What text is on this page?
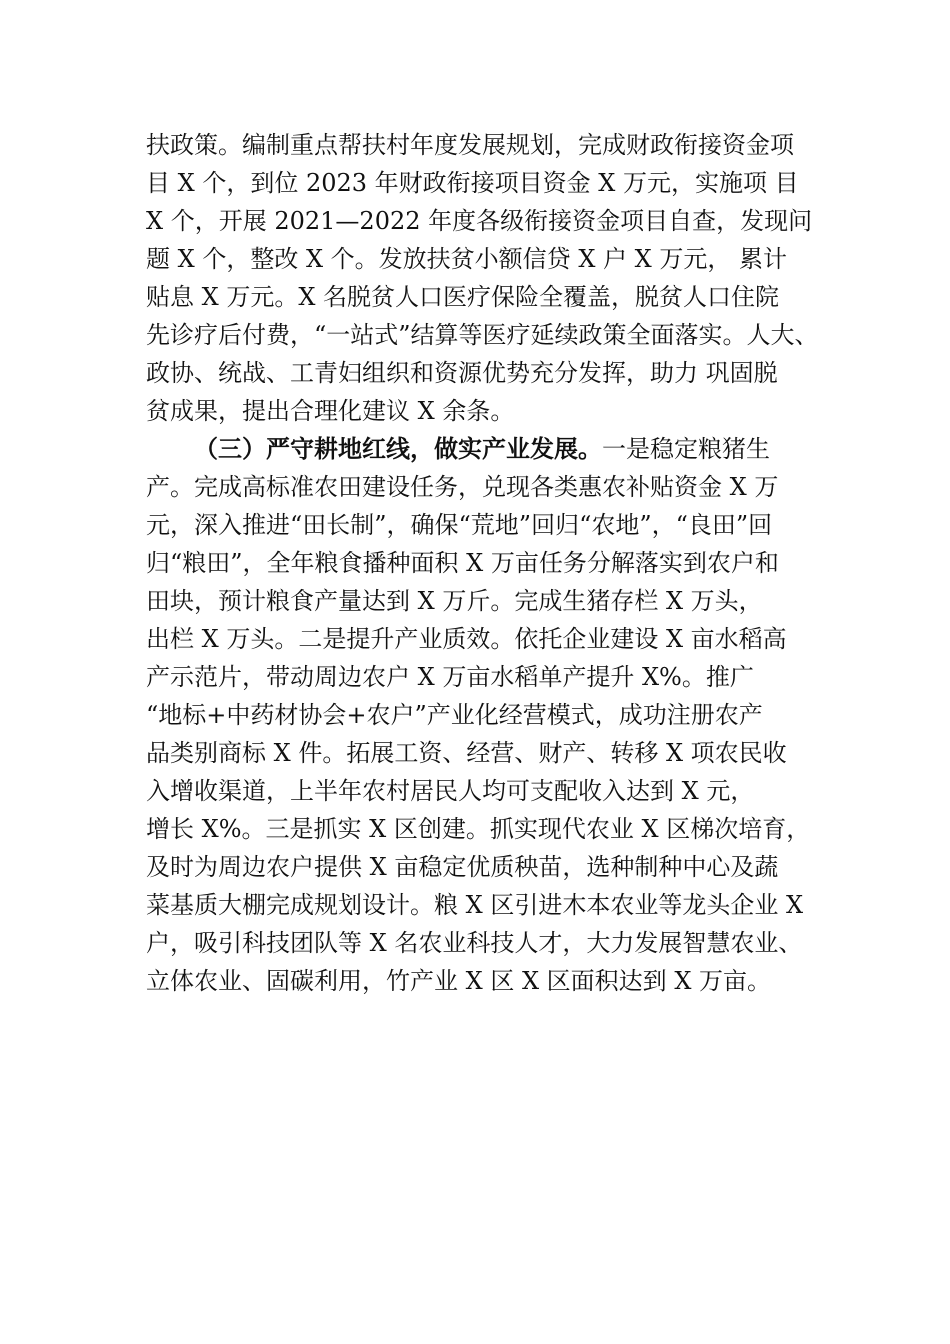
扶政策。编制重点帮扶村年度发展规划，完成财政衔接资金项
目 X 个，到位 2023 年财政衔接项目资金 X 万元，实施项 目
X 个，开展 2021—2022 年度各级衔接资金项目自查，发现问
题 X 个，整改 X 个。发放扶贫小额信贷 X 户 X 万元， 累计
贴息 X 万元。X 名脱贫人口医疗保险全覆盖，脱贫人口住院
先诊疗后付费，“一站式”结算等医疗延续政策全面落实。人大、
政协、统战、工青妇组织和资源优势充分发挥，助力 巩固脱
贫成果，提出合理化建议 X 余条。
（三）严守耕地红线，做实产业发展。一是稳定粮猪生
产。完成高标准农田建设任务，兑现各类惠农补贴资金 X 万
元，深入推进“田长制”，确保“荒地”回归“农地”，“良田”回
归“粮田”，全年粮食播种面积 X 万亩任务分解落实到农户和
田块，预计粮食产量达到 X 万斤。完成生猪存栏 X 万头，
出栏 X 万头。二是提升产业质效。依托企业建设 X 亩水稻高
产示范片，带动周边农户 X 万亩水稻单产提升 X%。推广
“地标+中药材协会+农户”产业化经营模式，成功注册农产
品类别商标 X 件。拓展工资、经营、财产、转移 X 项农民收
入增收渠道，上半年农村居民人均可支配收入达到 X 元，
增长 X%。三是抓实 X 区创建。抓实现代农业 X 区梯次培育，
及时为周边农户提供 X 亩稳定优质秧苗，选种制种中心及蔬
菜基质大棚完成规划设计。粮 X 区引进木本农业等龙头企业 X
户，吸引科技团队等 X 名农业科技人才，大力发展智慧农业、
立体农业、固碳利用，竹产业 X 区 X 区面积达到 X 万亩。
